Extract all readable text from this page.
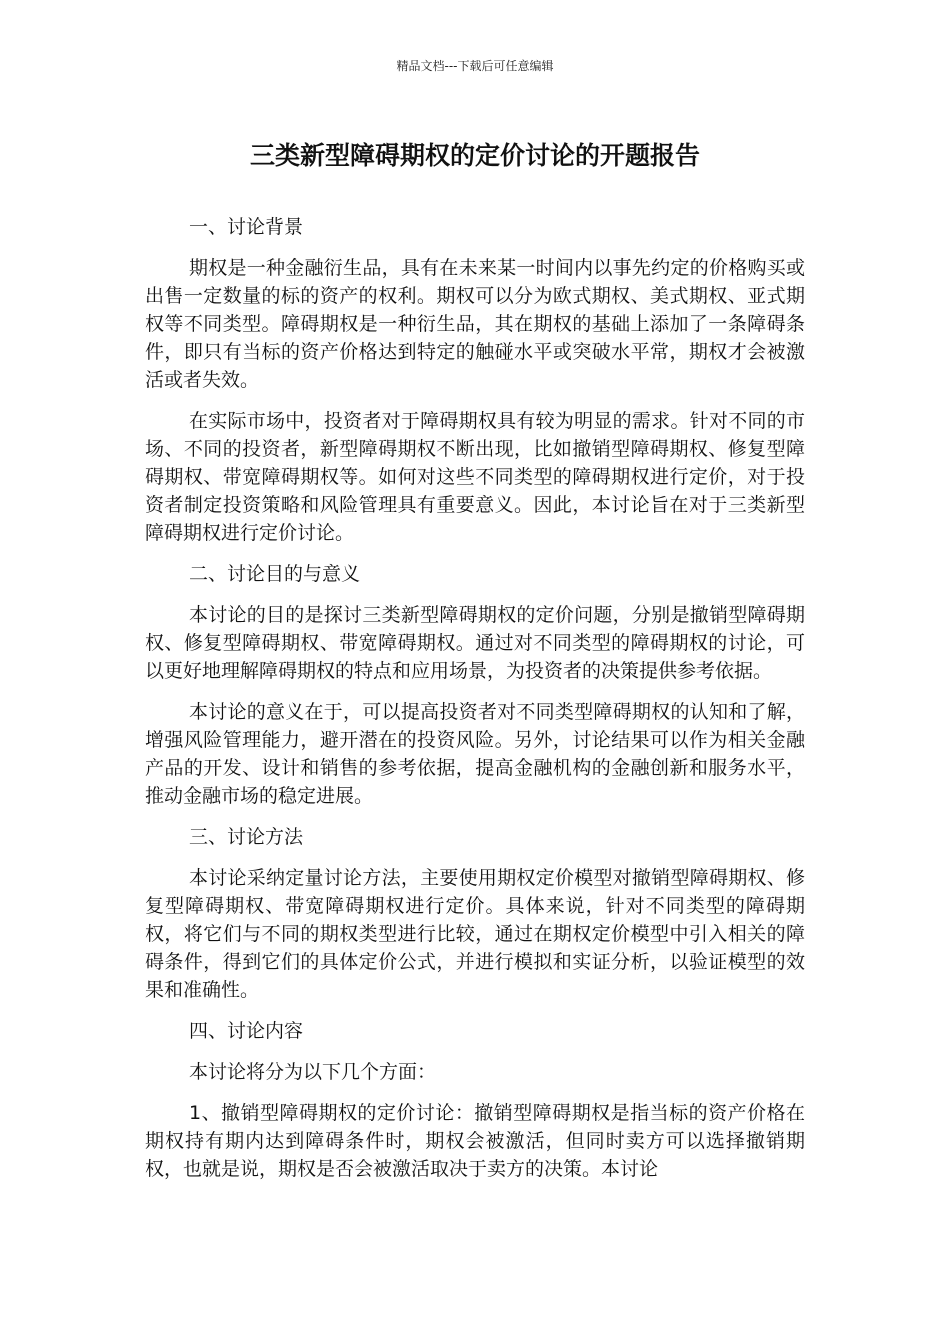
精品文档---下载后可任意编辑
三类新型障碍期权的定价讨论的开题报告

一、讨论背景

期权是一种金融衍生品，具有在未来某一时间内以事先约定的价格购买或出售一定数量的标的资产的权利。期权可以分为欧式期权、美式期权、亚式期权等不同类型。障碍期权是一种衍生品，其在期权的基础上添加了一条障碍条件，即只有当标的资产价格达到特定的触碰水平或突破水平常，期权才会被激活或者失效。

在实际市场中，投资者对于障碍期权具有较为明显的需求。针对不同的市场、不同的投资者，新型障碍期权不断出现，比如撤销型障碍期权、修复型障碍期权、带宽障碍期权等。如何对这些不同类型的障碍期权进行定价，对于投资者制定投资策略和风险管理具有重要意义。因此，本讨论旨在对于三类新型障碍期权进行定价讨论。

二、讨论目的与意义

本讨论的目的是探讨三类新型障碍期权的定价问题，分别是撤销型障碍期权、修复型障碍期权、带宽障碍期权。通过对不同类型的障碍期权的讨论，可以更好地理解障碍期权的特点和应用场景，为投资者的决策提供参考依据。

本讨论的意义在于，可以提高投资者对不同类型障碍期权的认知和了解，增强风险管理能力，避开潜在的投资风险。另外，讨论结果可以作为相关金融产品的开发、设计和销售的参考依据，提高金融机构的金融创新和服务水平，推动金融市场的稳定进展。

三、讨论方法

本讨论采纳定量讨论方法，主要使用期权定价模型对撤销型障碍期权、修复型障碍期权、带宽障碍期权进行定价。具体来说，针对不同类型的障碍期权，将它们与不同的期权类型进行比较，通过在期权定价模型中引入相关的障碍条件，得到它们的具体定价公式，并进行模拟和实证分析，以验证模型的效果和准确性。

四、讨论内容

本讨论将分为以下几个方面：

1、撤销型障碍期权的定价讨论：撤销型障碍期权是指当标的资产价格在期权持有期内达到障碍条件时，期权会被激活，但同时卖方可以选择撤销期权，也就是说，期权是否会被激活取决于卖方的决策。本讨论
